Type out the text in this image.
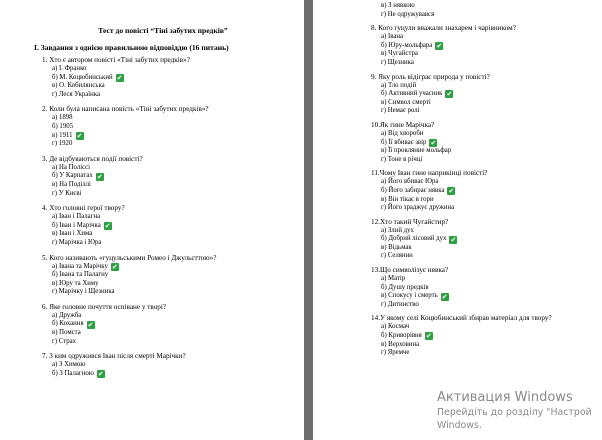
Тест до повісті “Тіні забутих предків”
I. Завдання з однією правильною відповіддю (16 питань)
1. Хто є автором повісті «Тіні забутих предків»?
а) І. Франко
б) М. Коцюбинський ✔
в) О. Кобилянська
г) Леся Українка
2. Коли була написана повість «Тіні забутих предків»?
а) 1898
б) 1905
в) 1911 ✔
г) 1920
3. Де відбуваються події повісті?
а) На Поліссі
б) У Карпатах ✔
в) На Поділлі
г) У Києві
4. Хто головні герої твору?
а) Іван і Палагна
б) Іван і Марічка ✔
в) Іван і Хима
г) Марічка і Юра
5. Кого називають «гуцульськими Ромео і Джульєттою»?
а) Івана та Марічку ✔
б) Івана та Палагну
в) Юру та Химу
г) Марічку і Щезника
6. Яке головне почуття оспіване у творі?
а) Дружба
б) Кохання ✔
в) Помста
г) Страх
7. З ким одружився Іван після смерті Марічки?
а) З Химою
б) З Палагною ✔
в) З нявкою
г) Не одружувався
8. Кого гуцули вважали знахарем і чарівником?
а) Івана
б) Юру-мольфара ✔
в) Чугайстра
г) Щезника
9. Яку роль відіграє природа у повісті?
а) Тло подій
б) Активний учасник ✔
в) Символ смерті
г) Немає ролі
10.Як гине Марічка?
а) Від хвороби
б) Її вбиває звір ✔
в) Її прокляние мольфар
г) Тоне в річці
11.Чому Іван гине наприкінці повісті?
а) Його вбиває Юра
б) Його забирає нявка ✔
в) Він тікає в гори
г) Його зраджує дружина
12.Хто такий Чугайстир?
а) Злий дух
б) Добрий лісовий дух ✔
в) Відьмак
г) Селянин
13.Що символізує нявка?
а) Матір
б) Душу предків
в) Спокусу і смерть ✔
г) Дитинство
14.У якому селі Коцюбинський збирав матеріал для твору?
а) Космач
б) Криворівня ✔
в) Верховина
г) Яремче
Активация Windows
Перейдіть до розділу "Настрой
Windows.
